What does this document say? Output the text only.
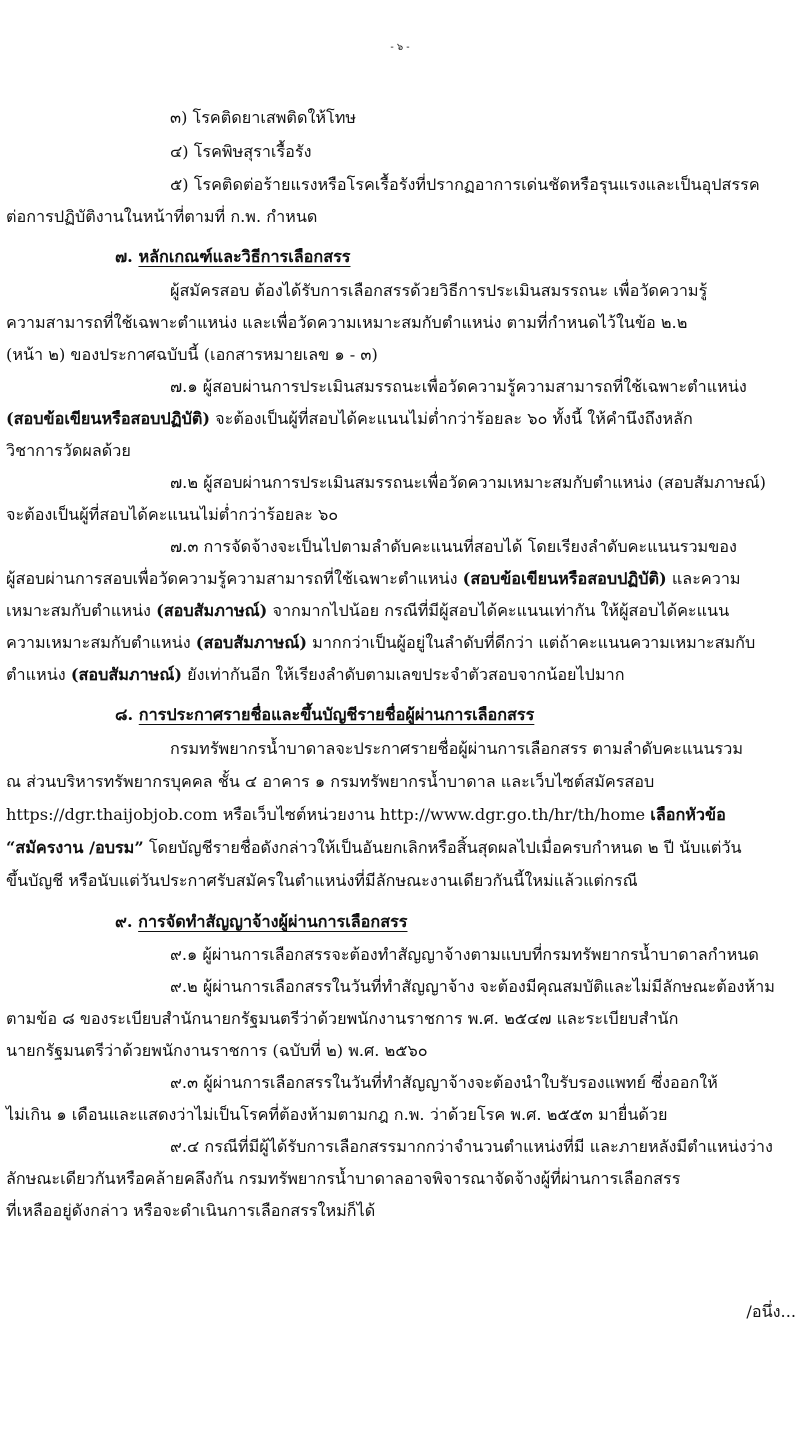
- ๖ -
๓) โรคติดยาเสพติดให้โทษ
๔) โรคพิษสุราเรื้อรัง
๕) โรคติดต่อร้ายแรงหรือโรคเรื้อรังที่ปรากฏอาการเด่นชัดหรือรุนแรงและเป็นอุปสรรค
ต่อการปฏิบัติงานในหน้าที่ตามที่ ก.พ. กำหนด
๗. หลักเกณฑ์และวิธีการเลือกสรร
ผู้สมัครสอบ ต้องได้รับการเลือกสรรด้วยวิธีการประเมินสมรรถนะ เพื่อวัดความรู้
ความสามารถที่ใช้เฉพาะตำแหน่ง และเพื่อวัดความเหมาะสมกับตำแหน่ง ตามที่กำหนดไว้ในข้อ ๒.๒
(หน้า ๒) ของประกาศฉบับนี้ (เอกสารหมายเลข ๑ - ๓)
๗.๑ ผู้สอบผ่านการประเมินสมรรถนะเพื่อวัดความรู้ความสามารถที่ใช้เฉพาะตำแหน่ง
(สอบข้อเขียนหรือสอบปฏิบัติ) จะต้องเป็นผู้ที่สอบได้คะแนนไม่ต่ำกว่าร้อยละ ๖๐ ทั้งนี้ ให้คำนึงถึงหลัก
วิชาการวัดผลด้วย
๗.๒ ผู้สอบผ่านการประเมินสมรรถนะเพื่อวัดความเหมาะสมกับตำแหน่ง (สอบสัมภาษณ์)
จะต้องเป็นผู้ที่สอบได้คะแนนไม่ต่ำกว่าร้อยละ ๖๐
๗.๓ การจัดจ้างจะเป็นไปตามลำดับคะแนนที่สอบได้ โดยเรียงลำดับคะแนนรวมของ
ผู้สอบผ่านการสอบเพื่อวัดความรู้ความสามารถที่ใช้เฉพาะตำแหน่ง (สอบข้อเขียนหรือสอบปฏิบัติ) และความ
เหมาะสมกับตำแหน่ง (สอบสัมภาษณ์) จากมากไปน้อย กรณีที่มีผู้สอบได้คะแนนเท่ากัน ให้ผู้สอบได้คะแนน
ความเหมาะสมกับตำแหน่ง (สอบสัมภาษณ์) มากกว่าเป็นผู้อยู่ในลำดับที่ดีกว่า แต่ถ้าคะแนนความเหมาะสมกับ
ตำแหน่ง (สอบสัมภาษณ์) ยังเท่ากันอีก ให้เรียงลำดับตามเลขประจำตัวสอบจากน้อยไปมาก
๘. การประกาศรายชื่อและขึ้นบัญชีรายชื่อผู้ผ่านการเลือกสรร
กรมทรัพยากรน้ำบาดาลจะประกาศรายชื่อผู้ผ่านการเลือกสรร ตามลำดับคะแนนรวม
ณ ส่วนบริหารทรัพยากรบุคคล ชั้น ๔ อาคาร ๑ กรมทรัพยากรน้ำบาดาล และเว็บไซต์สมัครสอบ
https://dgr.thaijobjob.com หรือเว็บไซต์หน่วยงาน http://www.dgr.go.th/hr/th/home เลือกหัวข้อ
“สมัครงาน /อบรม” โดยบัญชีรายชื่อดังกล่าวให้เป็นอันยกเลิกหรือสิ้นสุดผลไปเมื่อครบกำหนด ๒ ปี นับแต่วัน
ขึ้นบัญชี หรือนับแต่วันประกาศรับสมัครในตำแหน่งที่มีลักษณะงานเดียวกันนี้ใหม่แล้วแต่กรณี
๙. การจัดทำสัญญาจ้างผู้ผ่านการเลือกสรร
๙.๑ ผู้ผ่านการเลือกสรรจะต้องทำสัญญาจ้างตามแบบที่กรมทรัพยากรน้ำบาดาลกำหนด
๙.๒ ผู้ผ่านการเลือกสรรในวันที่ทำสัญญาจ้าง จะต้องมีคุณสมบัติและไม่มีลักษณะต้องห้าม
ตามข้อ ๘ ของระเบียบสำนักนายกรัฐมนตรีว่าด้วยพนักงานราชการ พ.ศ. ๒๕๔๗ และระเบียบสำนัก
นายกรัฐมนตรีว่าด้วยพนักงานราชการ (ฉบับที่ ๒) พ.ศ. ๒๕๖๐
๙.๓ ผู้ผ่านการเลือกสรรในวันที่ทำสัญญาจ้างจะต้องนำใบรับรองแพทย์ ซึ่งออกให้
ไม่เกิน ๑ เดือนและแสดงว่าไม่เป็นโรคที่ต้องห้ามตามกฎ ก.พ. ว่าด้วยโรค พ.ศ. ๒๕๕๓ มายื่นด้วย
๙.๔ กรณีที่มีผู้ได้รับการเลือกสรรมากกว่าจำนวนตำแหน่งที่มี และภายหลังมีตำแหน่งว่าง
ลักษณะเดียวกันหรือคล้ายคลึงกัน กรมทรัพยากรน้ำบาดาลอาจพิจารณาจัดจ้างผู้ที่ผ่านการเลือกสรร
ที่เหลืออยู่ดังกล่าว หรือจะดำเนินการเลือกสรรใหม่ก็ได้
/อนึ่ง...
